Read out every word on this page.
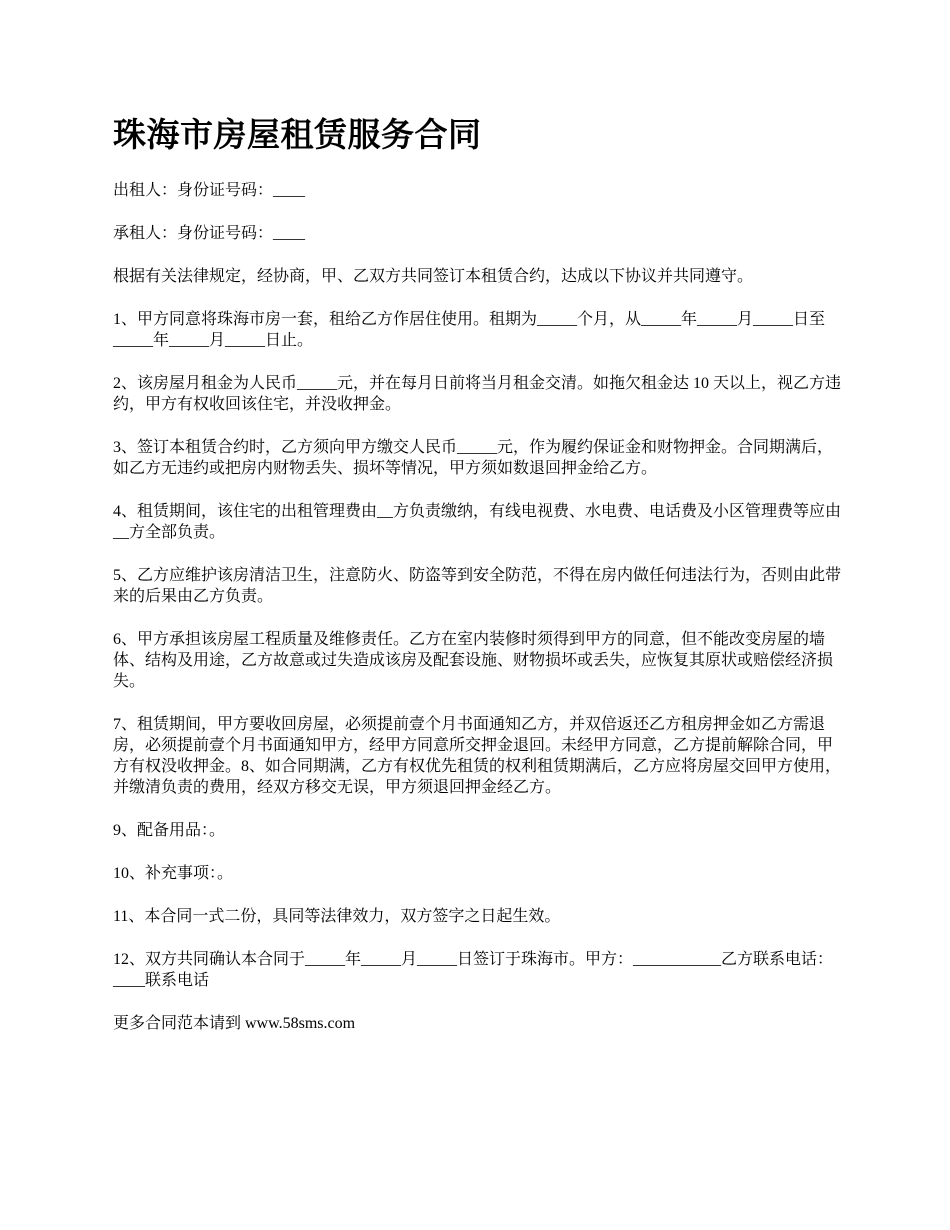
珠海市房屋租赁服务合同

出租人：身份证号码：____

承租人：身份证号码：____

根据有关法律规定，经协商，甲、乙双方共同签订本租赁合约，达成以下协议并共同遵守。

1、甲方同意将珠海市房一套，租给乙方作居住使用。租期为_____个月，从_____年_____月_____日至_____年_____月_____日止。

2、该房屋月租金为人民币_____元，并在每月日前将当月租金交清。如拖欠租金达 10 天以上，视乙方违约，甲方有权收回该住宅，并没收押金。

3、签订本租赁合约时，乙方须向甲方缴交人民币_____元，作为履约保证金和财物押金。合同期满后，如乙方无违约或把房内财物丢失、损坏等情况，甲方须如数退回押金给乙方。

4、租赁期间，该住宅的出租管理费由__方负责缴纳，有线电视费、水电费、电话费及小区管理费等应由__方全部负责。

5、乙方应维护该房清洁卫生，注意防火、防盗等到安全防范，不得在房内做任何违法行为，否则由此带来的后果由乙方负责。

6、甲方承担该房屋工程质量及维修责任。乙方在室内装修时须得到甲方的同意，但不能改变房屋的墙体、结构及用途，乙方故意或过失造成该房及配套设施、财物损坏或丢失，应恢复其原状或赔偿经济损失。

7、租赁期间，甲方要收回房屋，必须提前壹个月书面通知乙方，并双倍返还乙方租房押金如乙方需退房，必须提前壹个月书面通知甲方，经甲方同意所交押金退回。未经甲方同意，乙方提前解除合同，甲方有权没收押金。8、如合同期满，乙方有权优先租赁的权利租赁期满后，乙方应将房屋交回甲方使用，并缴清负责的费用，经双方移交无误，甲方须退回押金经乙方。

9、配备用品：。

10、补充事项：。

11、本合同一式二份，具同等法律效力，双方签字之日起生效。

12、双方共同确认本合同于_____年_____月_____日签订于珠海市。甲方：___________乙方联系电话：____联系电话

更多合同范本请到 www.58sms.com
